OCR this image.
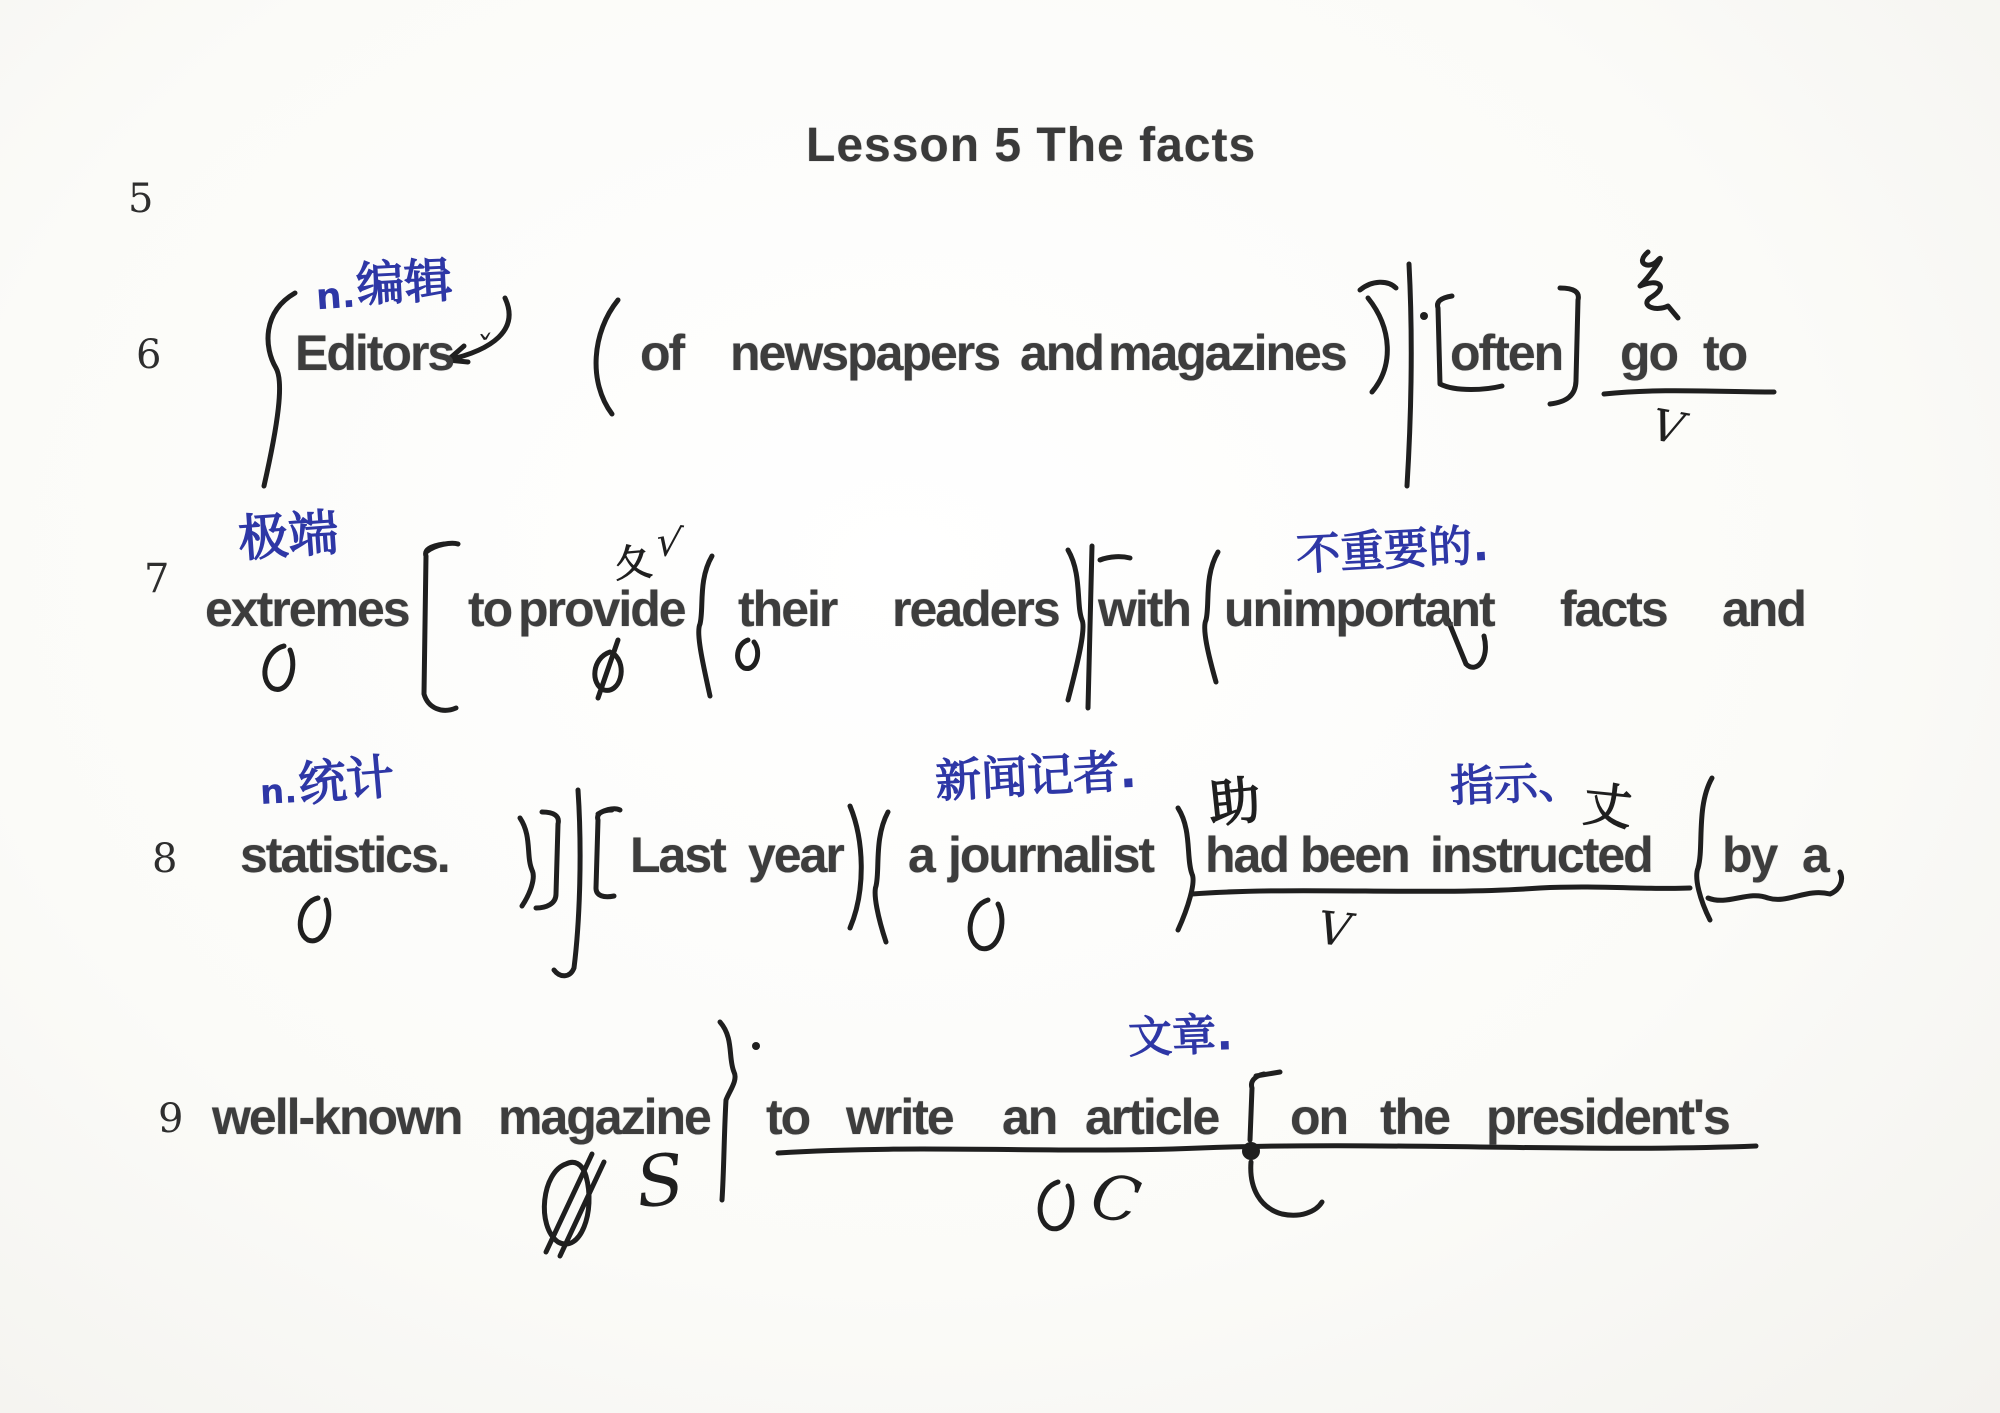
Lesson 5 The facts
5
6
7
8
9
Editors	of newspapers and magazines often go to
extremes to provide their readers with unimportant facts and
statistics.	Last year a journalist had been instructed by a
well-known magazine to write an article on the president's
n.
编辑
极端	不重要的.
n.
统计	新闻记者.	指示、
文章.
助	丈
夂
√
ˇ
V
V
S	C
